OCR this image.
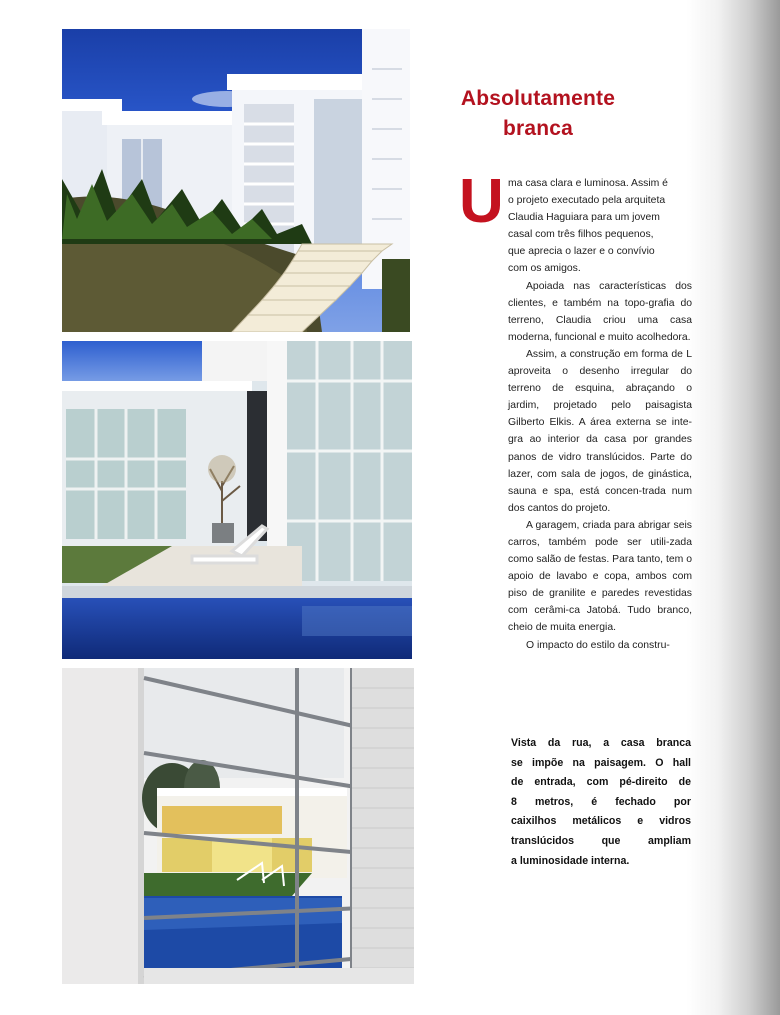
Absolutamente
branca
U ma casa clara e luminosa. Assim é

o projeto executado pela arquiteta

Claudia Haguiara para um jovem

casal com três filhos pequenos,

que aprecia o lazer e o convívio

com os amigos.

Apoiada nas características dos clientes, e também na topo-grafia do terreno, Claudia criou uma casa moderna, funcional e muito acolhedora.

Assim, a construção em forma de L aproveita o desenho irregular do terreno de esquina, abraçando o jardim, projetado pelo paisagista Gilberto Elkis. A área externa se inte-gra ao interior da casa por grandes panos de vidro translúcidos. Parte do lazer, com sala de jogos, de ginástica, sauna e spa, está concen-trada num dos cantos do projeto.

A garagem, criada para abrigar seis carros, também pode ser utili-zada como salão de festas. Para tanto, tem o apoio de lavabo e copa, ambos com piso de granilite e paredes revestidas com cerâmi-ca Jatobá. Tudo branco, cheio de muita energia.

O impacto do estilo da constru-

Vista da rua, a casa branca
se impõe na paisagem. O hall
de entrada, com pé-direito de
8 metros, é fechado por
caixilhos metálicos e vidros
translúcidos que ampliam
a luminosidade interna.
